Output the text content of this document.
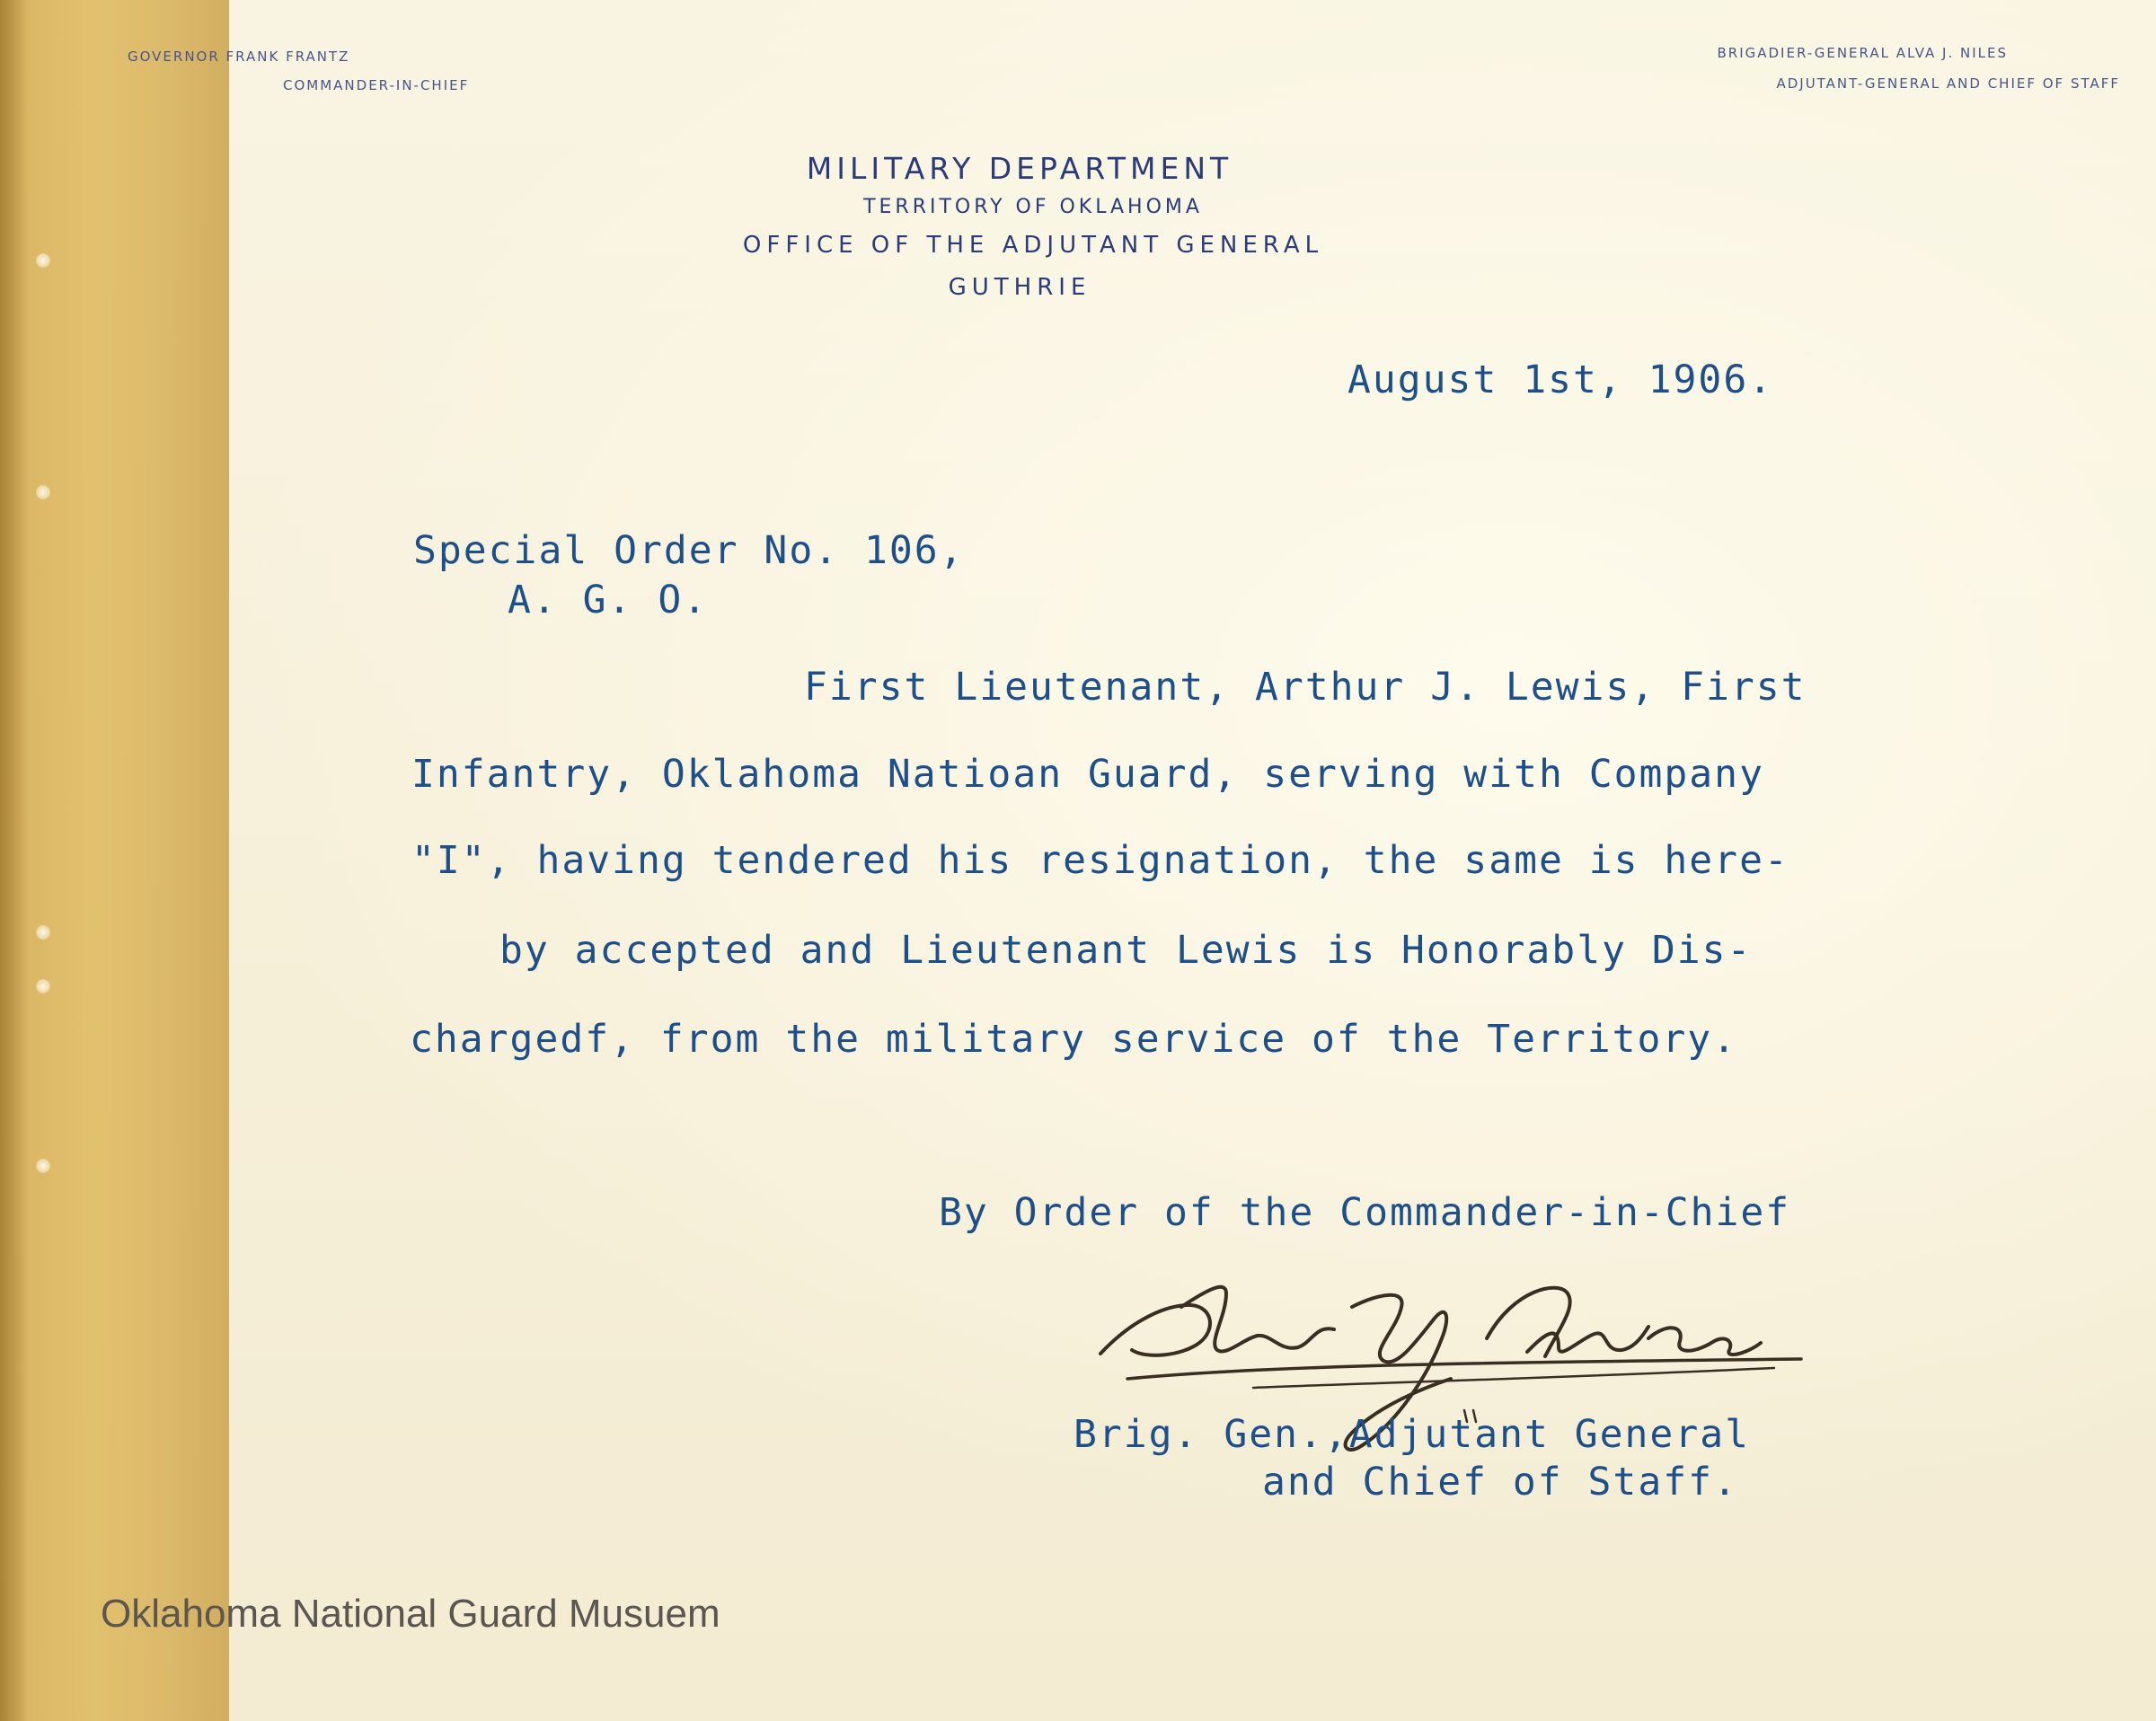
GOVERNOR FRANK FRANTZ
COMMANDER-IN-CHIEF
BRIGADIER-GENERAL ALVA J. NILES
ADJUTANT-GENERAL AND CHIEF OF STAFF
MILITARY DEPARTMENT
TERRITORY OF OKLAHOMA
OFFICE OF THE ADJUTANT GENERAL
GUTHRIE
August 1st, 1906.
Special Order No. 106,
A. G. O.
First Lieutenant, Arthur J. Lewis, First
Infantry, Oklahoma Natioan Guard, serving with Company
"I", having tendered his resignation, the same is here-
by accepted and Lieutenant Lewis is Honorably Dis-
chargedf, from the military service of the Territory.
By Order of the Commander-in-Chief
Brig. Gen.,Adjutant General
and Chief of Staff.
Oklahoma National Guard Musuem
